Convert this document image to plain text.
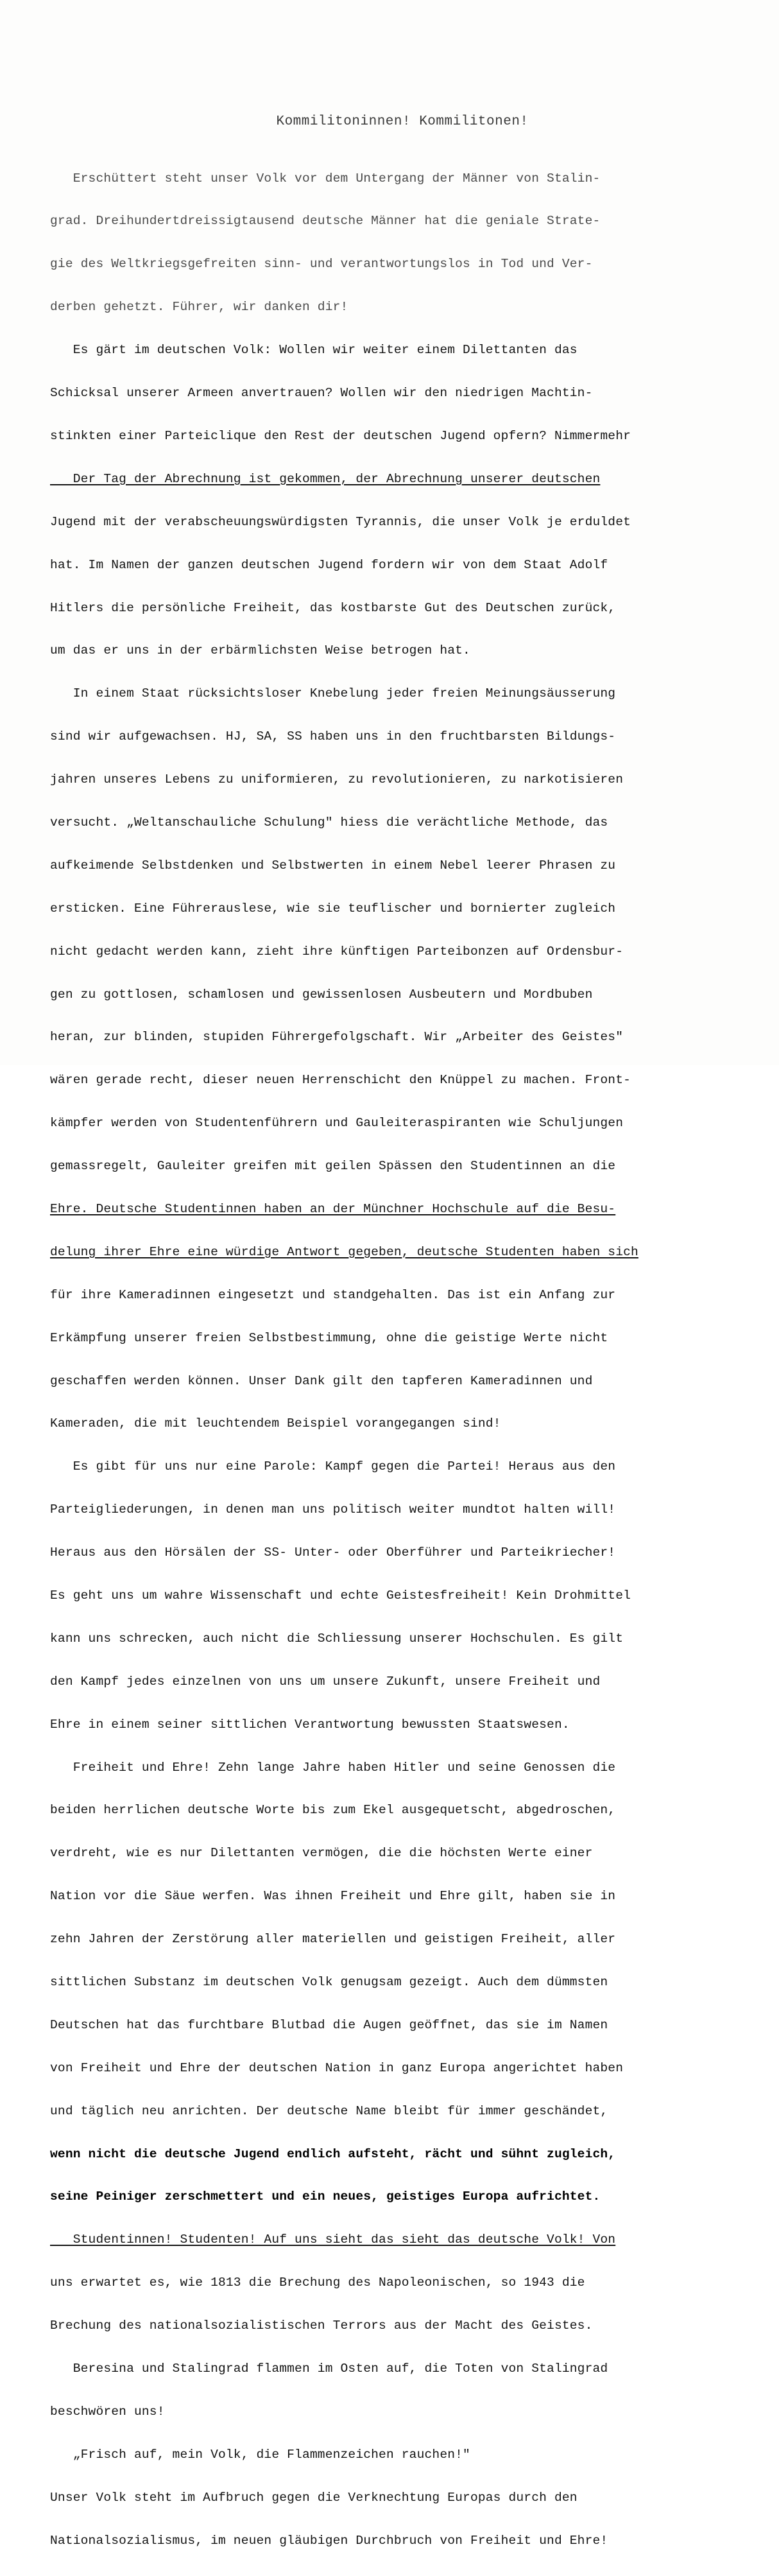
Kommilitoninnen! Kommilitonen!

Erschüttert steht unser Volk vor dem Untergang der Männer von Stalin-

grad. Dreihundertdreissigtausend deutsche Männer hat die geniale Strate-

gie des Weltkriegsgefreiten sinn- und verantwortungslos in Tod und Ver-

derben gehetzt. Führer, wir danken dir!

Es gärt im deutschen Volk: Wollen wir weiter einem Dilettanten das

Schicksal unserer Armeen anvertrauen? Wollen wir den niedrigen Machtin-

stinkten einer Parteiclique den Rest der deutschen Jugend opfern? Nimmermehr

Der Tag der Abrechnung ist gekommen, der Abrechnung unserer deutschen

Jugend mit der verabscheuungswürdigsten Tyrannis, die unser Volk je erduldet

hat. Im Namen der ganzen deutschen Jugend fordern wir von dem Staat Adolf

Hitlers die persönliche Freiheit, das kostbarste Gut des Deutschen zurück,

um das er uns in der erbärmlichsten Weise betrogen hat.

In einem Staat rücksichtsloser Knebelung jeder freien Meinungsäusserung

sind wir aufgewachsen. HJ, SA, SS haben uns in den fruchtbarsten Bildungs-

jahren unseres Lebens zu uniformieren, zu revolutionieren, zu narkotisieren

versucht. „Weltanschauliche Schulung" hiess die verächtliche Methode, das

aufkeimende Selbstdenken und Selbstwerten in einem Nebel leerer Phrasen zu

ersticken. Eine Führerauslese, wie sie teuflischer und bornierter zugleich

nicht gedacht werden kann, zieht ihre künftigen Parteibonzen auf Ordensbur-

gen zu gottlosen, schamlosen und gewissenlosen Ausbeutern und Mordbuben

heran, zur blinden, stupiden Führergefolgschaft. Wir „Arbeiter des Geistes"

wären gerade recht, dieser neuen Herrenschicht den Knüppel zu machen. Front-

kämpfer werden von Studentenführern und Gauleiteraspiranten wie Schuljungen

gemassregelt, Gauleiter greifen mit geilen Spässen den Studentinnen an die

Ehre. Deutsche Studentinnen haben an der Münchner Hochschule auf die Besu-

delung ihrer Ehre eine würdige Antwort gegeben, deutsche Studenten haben sich

für ihre Kameradinnen eingesetzt und standgehalten. Das ist ein Anfang zur

Erkämpfung unserer freien Selbstbestimmung, ohne die geistige Werte nicht

geschaffen werden können. Unser Dank gilt den tapferen Kameradinnen und

Kameraden, die mit leuchtendem Beispiel vorangegangen sind!

Es gibt für uns nur eine Parole: Kampf gegen die Partei! Heraus aus den

Parteigliederungen, in denen man uns politisch weiter mundtot halten will!

Heraus aus den Hörsälen der SS- Unter- oder Oberführer und Parteikriecher!

Es geht uns um wahre Wissenschaft und echte Geistesfreiheit! Kein Drohmittel

kann uns schrecken, auch nicht die Schliessung unserer Hochschulen. Es gilt

den Kampf jedes einzelnen von uns um unsere Zukunft, unsere Freiheit und

Ehre in einem seiner sittlichen Verantwortung bewussten Staatswesen.

Freiheit und Ehre! Zehn lange Jahre haben Hitler und seine Genossen die

beiden herrlichen deutsche Worte bis zum Ekel ausgequetscht, abgedroschen,

verdreht, wie es nur Dilettanten vermögen, die die höchsten Werte einer

Nation vor die Säue werfen. Was ihnen Freiheit und Ehre gilt, haben sie in

zehn Jahren der Zerstörung aller materiellen und geistigen Freiheit, aller

sittlichen Substanz im deutschen Volk genugsam gezeigt. Auch dem dümmsten

Deutschen hat das furchtbare Blutbad die Augen geöffnet, das sie im Namen

von Freiheit und Ehre der deutschen Nation in ganz Europa angerichtet haben

und täglich neu anrichten. Der deutsche Name bleibt für immer geschändet,

wenn nicht die deutsche Jugend endlich aufsteht, rächt und sühnt zugleich,

seine Peiniger zerschmettert und ein neues, geistiges Europa aufrichtet.

Studentinnen! Studenten! Auf uns sieht das sieht das deutsche Volk! Von

uns erwartet es, wie 1813 die Brechung des Napoleonischen, so 1943 die

Brechung des nationalsozialistischen Terrors aus der Macht des Geistes.

Beresina und Stalingrad flammen im Osten auf, die Toten von Stalingrad

beschwören uns!

„Frisch auf, mein Volk, die Flammenzeichen rauchen!"

Unser Volk steht im Aufbruch gegen die Verknechtung Europas durch den

Nationalsozialismus, im neuen gläubigen Durchbruch von Freiheit und Ehre!
